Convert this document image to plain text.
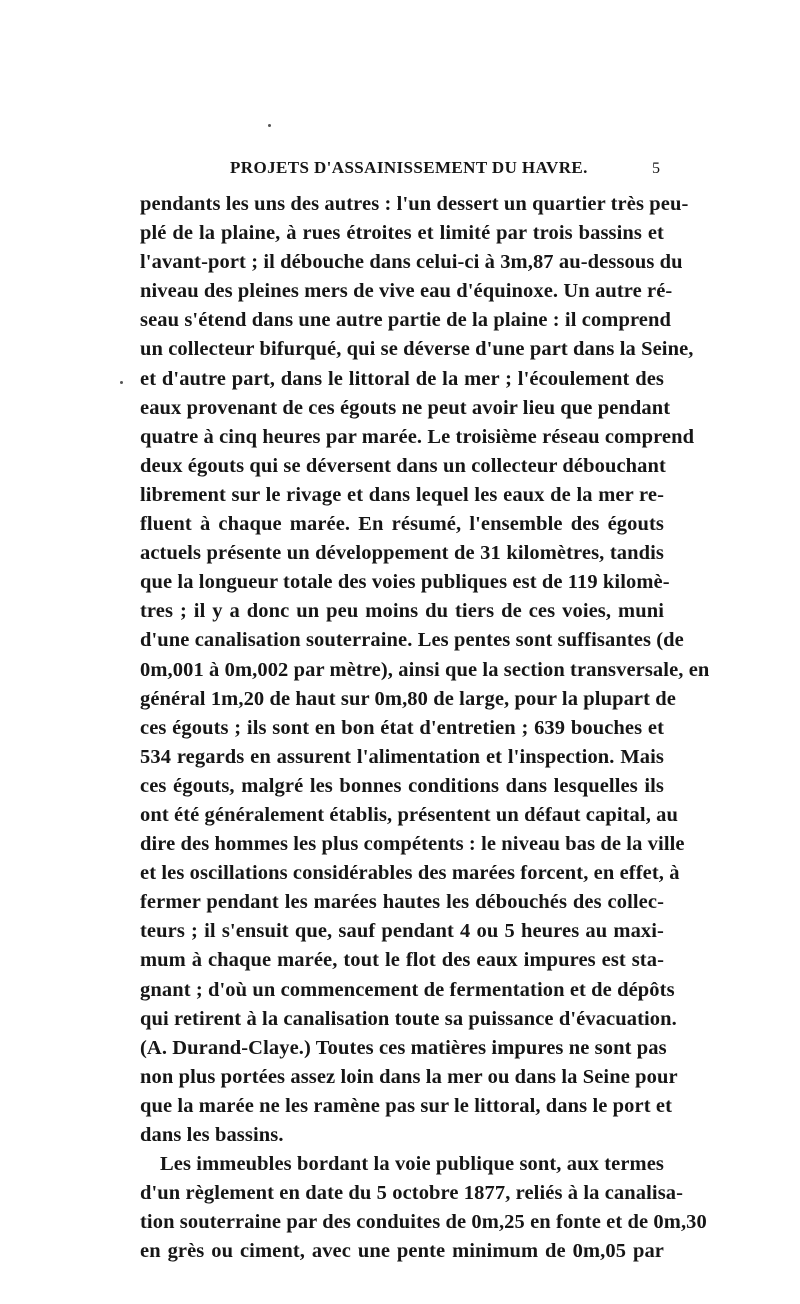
PROJETS D'ASSAINISSEMENT DU HAVRE.	5
pendants les uns des autres : l'un dessert un quartier très peu-
plé de la plaine, à rues étroites et limité par trois bassins et
l'avant-port ; il débouche dans celui-ci à 3m,87 au-dessous du
niveau des pleines mers de vive eau d'équinoxe. Un autre ré-
seau s'étend dans une autre partie de la plaine : il comprend
un collecteur bifurqué, qui se déverse d'une part dans la Seine,
et d'autre part, dans le littoral de la mer ; l'écoulement des
eaux provenant de ces égouts ne peut avoir lieu que pendant
quatre à cinq heures par marée. Le troisième réseau comprend
deux égouts qui se déversent dans un collecteur débouchant
librement sur le rivage et dans lequel les eaux de la mer re-
fluent à chaque marée. En résumé, l'ensemble des égouts
actuels présente un développement de 31 kilomètres, tandis
que la longueur totale des voies publiques est de 119 kilomè-
tres ; il y a donc un peu moins du tiers de ces voies, muni
d'une canalisation souterraine. Les pentes sont suffisantes (de
0m,001 à 0m,002 par mètre), ainsi que la section transversale, en
général 1m,20 de haut sur 0m,80 de large, pour la plupart de
ces égouts ; ils sont en bon état d'entretien ; 639 bouches et
534 regards en assurent l'alimentation et l'inspection. Mais
ces égouts, malgré les bonnes conditions dans lesquelles ils
ont été généralement établis, présentent un défaut capital, au
dire des hommes les plus compétents : le niveau bas de la ville
et les oscillations considérables des marées forcent, en effet, à
fermer pendant les marées hautes les débouchés des collec-
teurs ; il s'ensuit que, sauf pendant 4 ou 5 heures au maxi-
mum à chaque marée, tout le flot des eaux impures est sta-
gnant ; d'où un commencement de fermentation et de dépôts
qui retirent à la canalisation toute sa puissance d'évacuation.
(A. Durand-Claye.) Toutes ces matières impures ne sont pas
non plus portées assez loin dans la mer ou dans la Seine pour
que la marée ne les ramène pas sur le littoral, dans le port et
dans les bassins.
Les immeubles bordant la voie publique sont, aux termes
d'un règlement en date du 5 octobre 1877, reliés à la canalisa-
tion souterraine par des conduites de 0m,25 en fonte et de 0m,30
en grès ou ciment, avec une pente minimum de 0m,05 par
